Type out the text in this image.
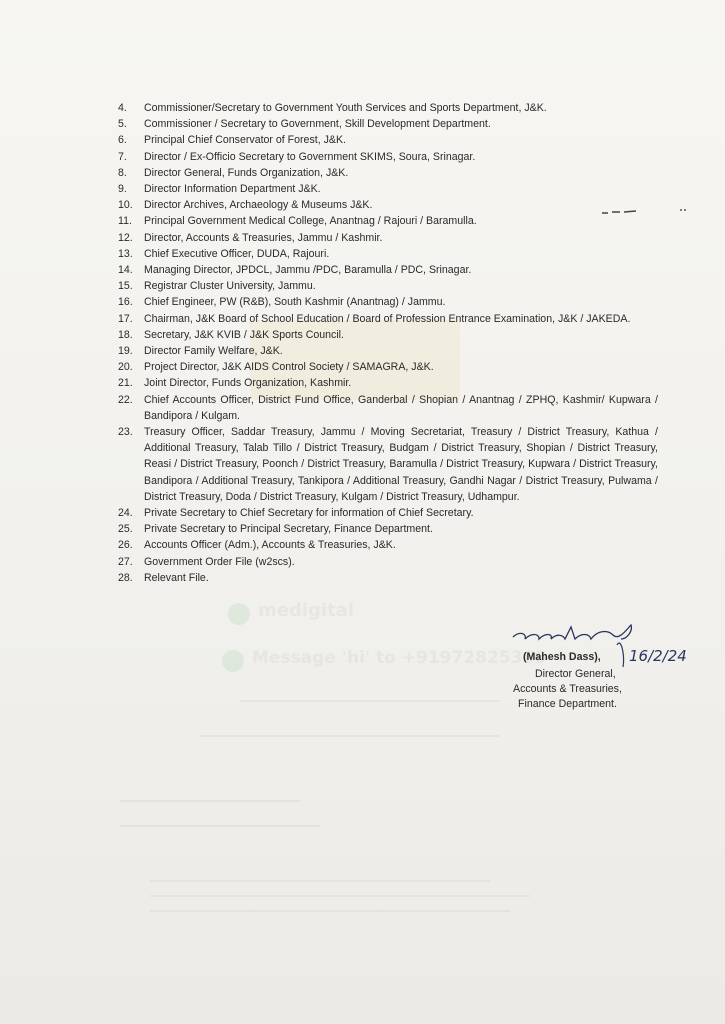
medigital
Message 'hi' to +91972825366
4.	Commissioner/Secretary to Government Youth Services and Sports Department, J&K.
5.	Commissioner / Secretary to Government, Skill Development Department.
6.	Principal Chief Conservator of Forest, J&K.
7.	Director / Ex-Officio Secretary to Government SKIMS, Soura, Srinagar.
8.	Director General, Funds Organization, J&K.
9.	Director Information Department J&K.
10.	Director Archives, Archaeology & Museums J&K.
11.	Principal Government Medical College, Anantnag / Rajouri / Baramulla.
12.	Director, Accounts & Treasuries, Jammu / Kashmir.
13.	Chief Executive Officer, DUDA, Rajouri.
14.	Managing Director, JPDCL, Jammu /PDC, Baramulla / PDC, Srinagar.
15.	Registrar Cluster University, Jammu.
16.	Chief Engineer, PW (R&B), South Kashmir (Anantnag) / Jammu.
17.	Chairman, J&K Board of School Education / Board of Profession Entrance Examination, J&K / JAKEDA.
18.	Secretary, J&K KVIB / J&K Sports Council.
19.	Director Family Welfare, J&K.
20.	Project Director, J&K AIDS Control Society / SAMAGRA, J&K.
21.	Joint Director, Funds Organization, Kashmir.
22.	Chief Accounts Officer, District Fund Office, Ganderbal / Shopian / Anantnag / ZPHQ, Kashmir/ Kupwara / Bandipora / Kulgam.
23.	Treasury Officer, Saddar Treasury, Jammu / Moving Secretariat, Treasury / District Treasury, Kathua / Additional Treasury, Talab Tillo / District Treasury, Budgam / District Treasury, Shopian / District Treasury, Reasi / District Treasury, Poonch / District Treasury, Baramulla / District Treasury, Kupwara / District Treasury, Bandipora / Additional Treasury, Tankipora / Additional Treasury, Gandhi Nagar / District Treasury, Pulwama / District Treasury, Doda / District Treasury, Kulgam / District Treasury, Udhampur.
24.	Private Secretary to Chief Secretary for information of Chief Secretary.
25.	Private Secretary to Principal Secretary, Finance Department.
26.	Accounts Officer (Adm.), Accounts & Treasuries, J&K.
27.	Government Order File (w2scs).
28.	Relevant File.
16/2/24
(Mahesh Dass),
Director General,
Accounts & Treasuries,
Finance Department.
